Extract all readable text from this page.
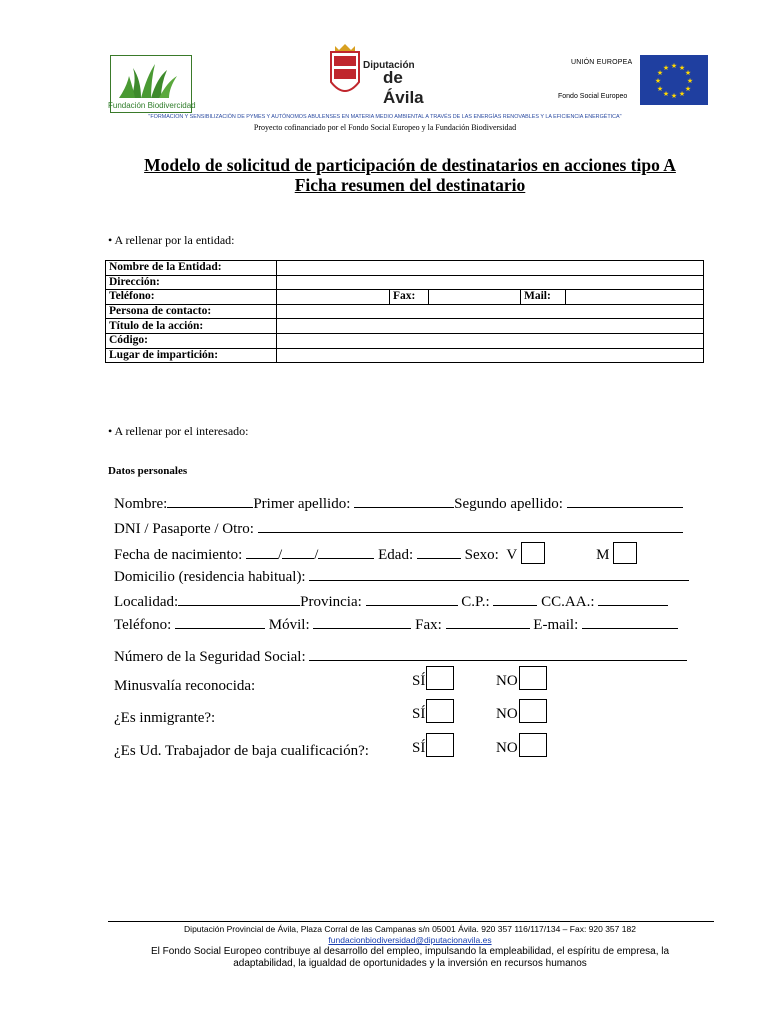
Fundación Biodivercidad
Diputación
de Ávila
UNIÓN EUROPEA
Fondo Social Europeo
★ ★
★
★
★
★
★
★
★
★
★
★
"FORMACION Y SENSIBILIZACIÓN DE PYMES Y AUTÓNOMOS ABULENSES EN MATERIA MEDIO AMBIENTAL A TRAVÉS DE LAS ENERGÍAS RENOVABLES Y LA EFICIENCIA ENERGÉTICA"
Proyecto cofinanciado por el Fondo Social Europeo y la Fundación Biodiversidad
Modelo de solicitud de participación de destinatarios en acciones tipo A
Ficha resumen del destinatario
• A rellenar por la entidad:
Nombre de la Entidad:					
Dirección:					
Teléfono:		Fax:		Mail:	
Persona de contacto:					
Título de la acción:					
Código:					
Lugar de impartición:					
• A rellenar por el interesado:
Datos personales
Nombre:	Primer apellido:	Segundo apellido:
DNI / Pasaporte / Otro:
Fecha de nacimiento: / /	Edad:	Sexo: V	M
Domicilio (residencia habitual):
Localidad:	Provincia:	C.P.:	CC.AA.:
Teléfono:	Móvil:	Fax:	E-mail:
Número de la Seguridad Social:
Minusvalía reconocida:	SÍ	NO
¿Es inmigrante?:	SÍ	NO
¿Es Ud. Trabajador de baja cualificación?:	SÍ	NO
Diputación Provincial de Ávila, Plaza Corral de las Campanas s/n 05001 Ávila. 920 357 116/117/134 – Fax: 920 357 182
fundacionbiodiversidad@diputacionavila.es
El Fondo Social Europeo contribuye al desarrollo del empleo, impulsando la empleabilidad, el espíritu de empresa, la
adaptabilidad, la igualdad de oportunidades y la inversión en recursos humanos
